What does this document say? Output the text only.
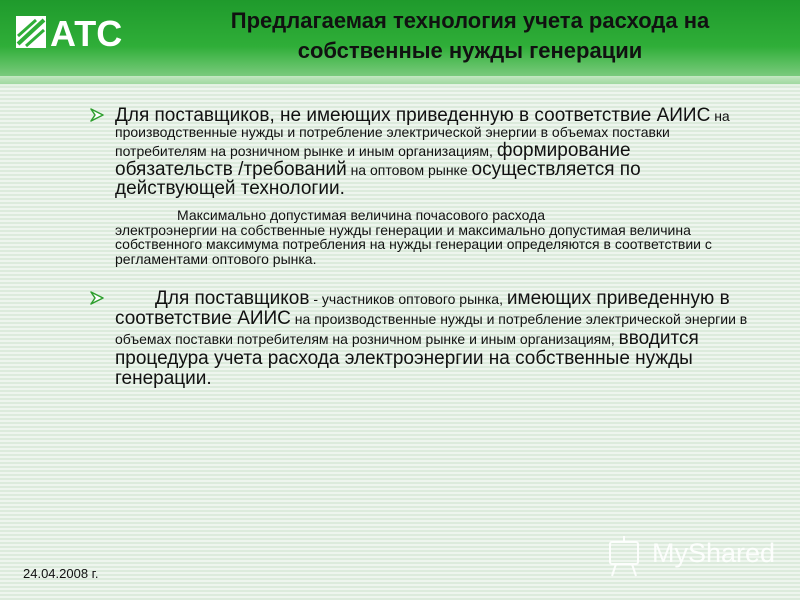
АТС	Предлагаемая технология учета расхода на
собственные нужды генерации
Для поставщиков, не имеющих приведенную в соответствие АИИС на производственные нужды и потребление электрической энергии в объемах поставки потребителям на розничном рынке и иным организациям, формирование обязательств /требований на оптовом рынке осуществляется по действующей технологии.
Максимально допустимая величина почасового расхода
электроэнергии на собственные нужды генерации и максимально допустимая величина собственного максимума потребления на нужды генерации определяются в соответствии с регламентами оптового рынка.
Для поставщиков - участников оптового рынка, имеющих приведенную в соответствие АИИС на производственные нужды и потребление электрической энергии в объемах поставки потребителям на розничном рынке и иным организациям, вводится процедура учета расхода электроэнергии на собственные нужды генерации.
24.04.2008 г.
MyShared
